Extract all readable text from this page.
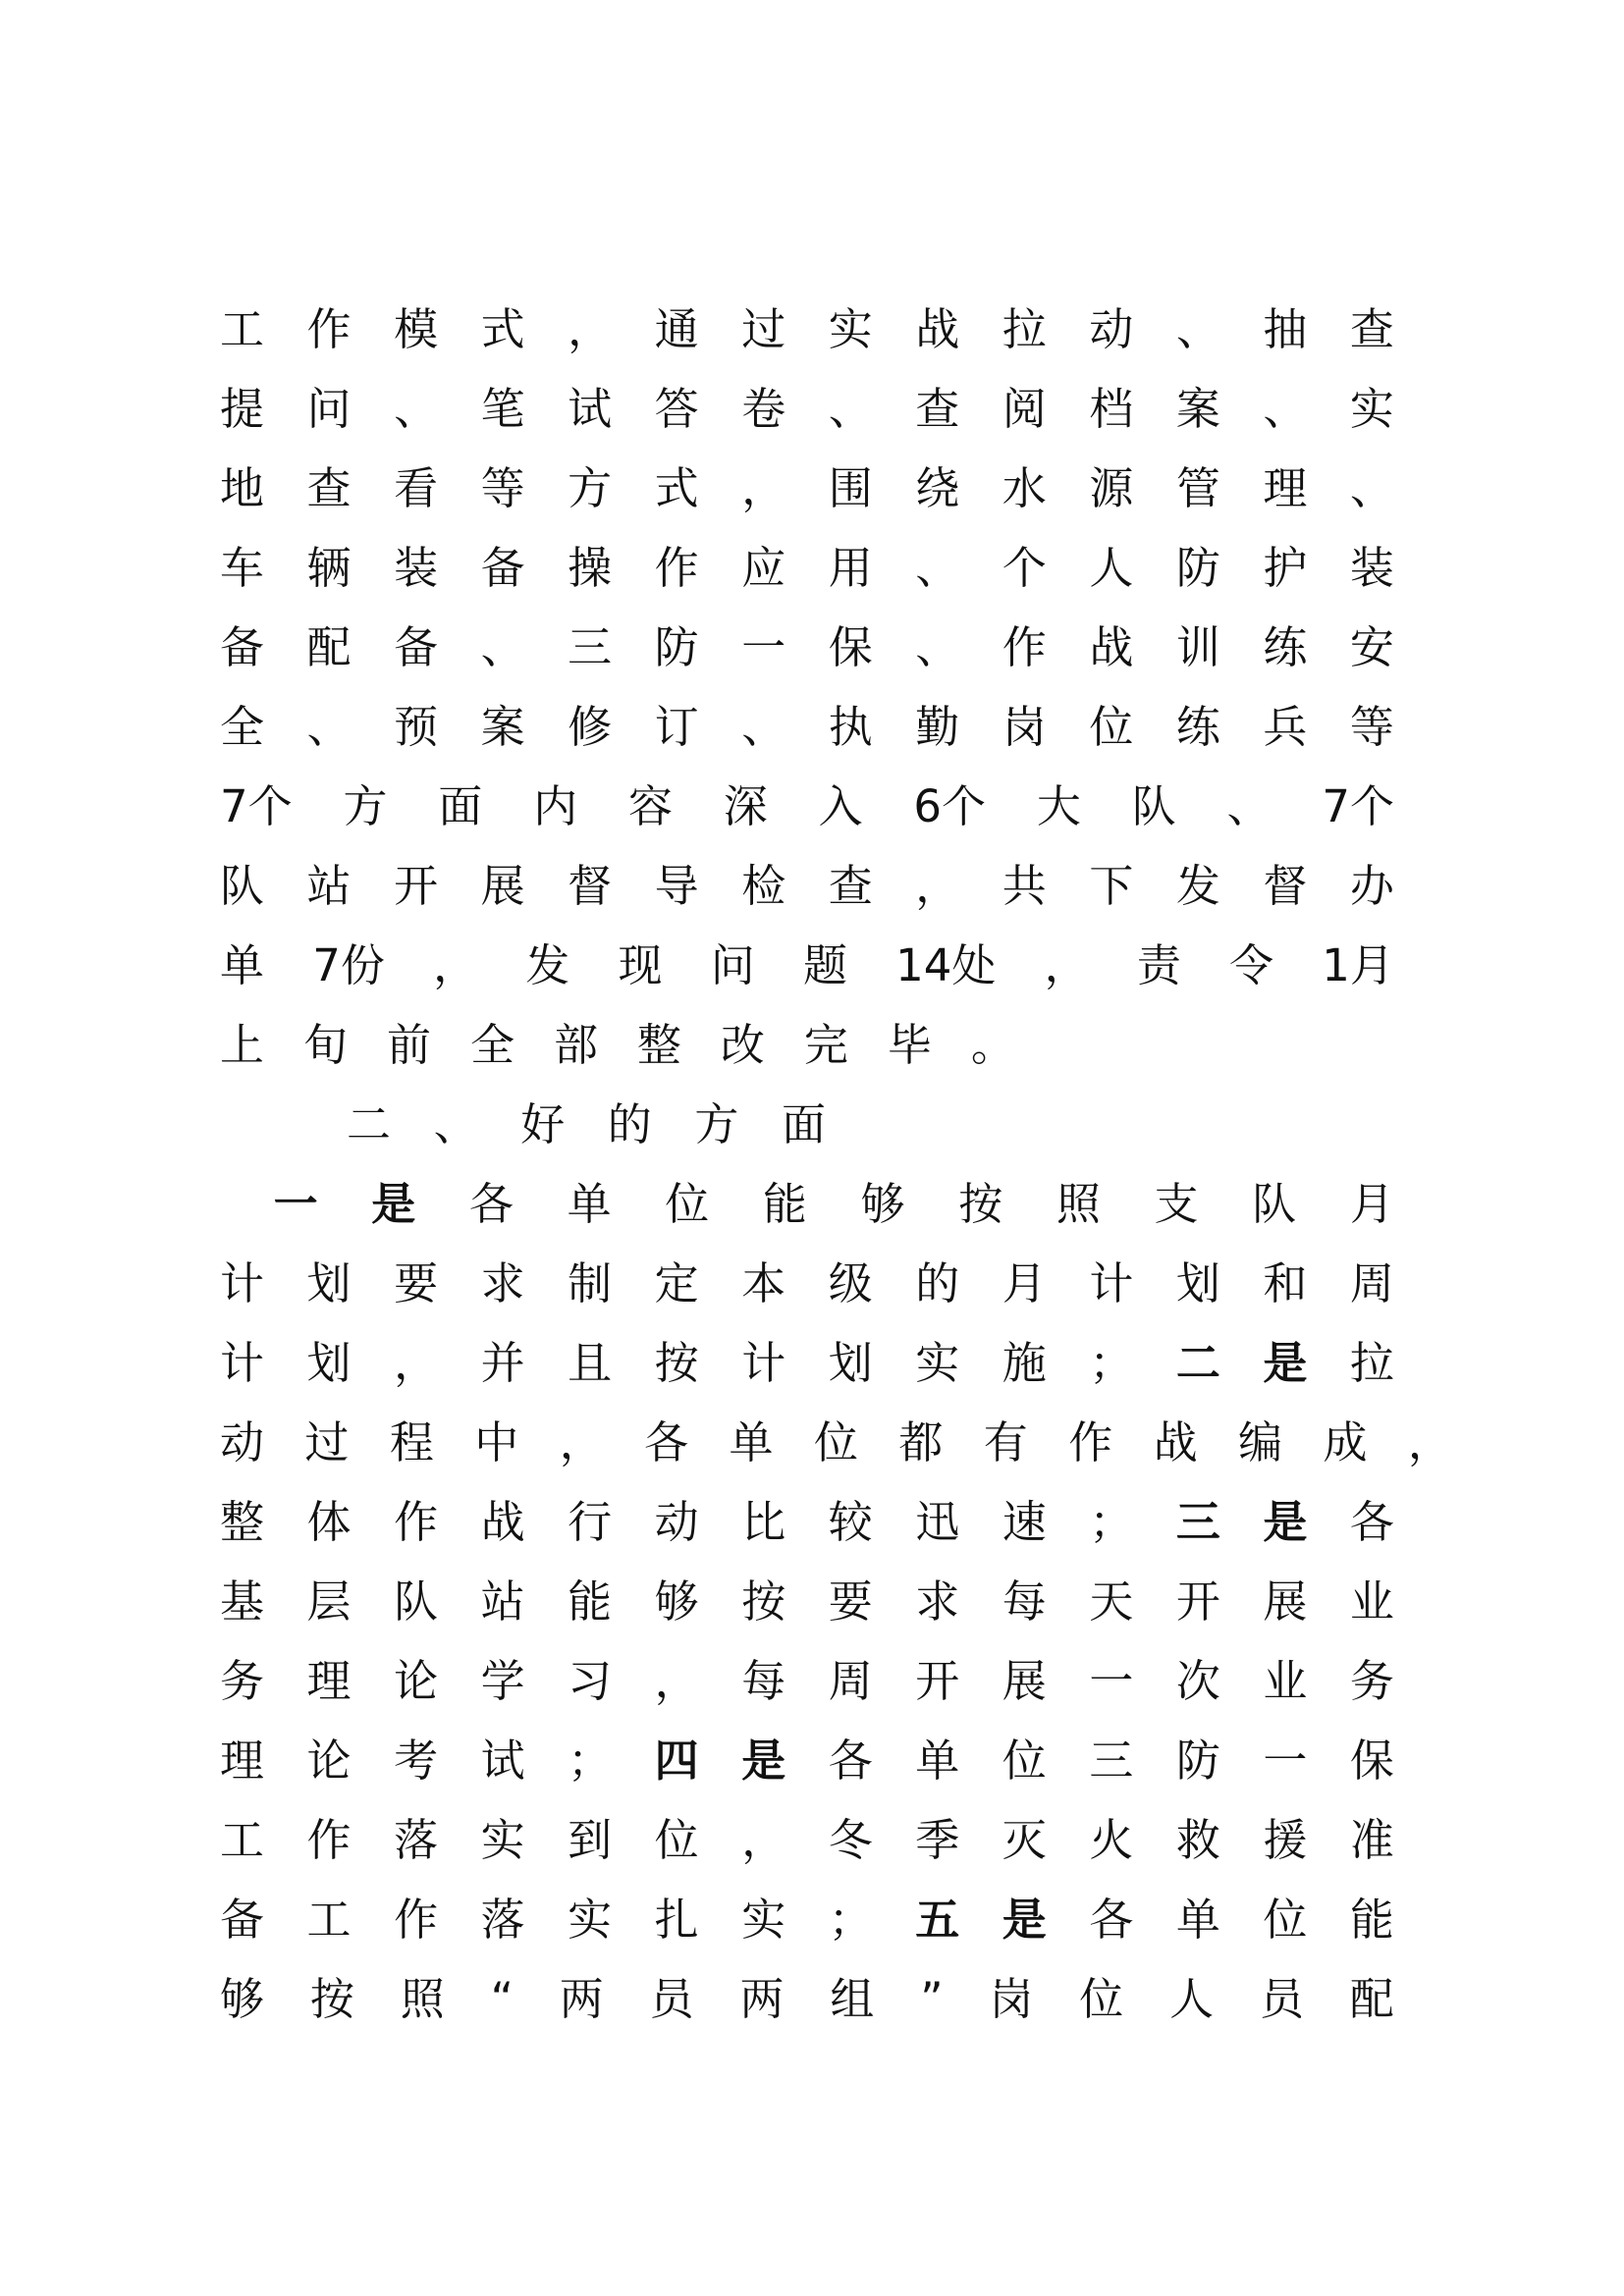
工 作 模 式 ， 通 过 实 战 拉 动 、 抽 查
提 问 、 笔 试 答 卷 、 查 阅 档 案 、 实
地 查 看 等 方 式 ， 围 绕 水 源 管 理 、
车 辆 装 备 操 作 应 用 、 个 人 防 护 装
备 配 备 、 三 防 一 保 、 作 战 训 练 安
全 、 预 案 修 订 、 执 勤 岗 位 练 兵 等
7个 方 面 内 容 深 入 6个 大 队 、 7个
队 站 开 展 督 导 检 查 ， 共 下 发 督 办
单 7份 ， 发 现 问 题 14处 ， 责 令 1月
上 旬 前 全 部 整 改 完 毕 。
二 、 好 的 方 面
一 是 各 单 位 能 够 按 照 支 队 月
计 划 要 求 制 定 本 级 的 月 计 划 和 周
计 划 ， 并 且 按 计 划 实 施 ； 二 是 拉
动 过 程 中 ， 各 单 位 都 有 作 战 编 成 ，
整 体 作 战 行 动 比 较 迅 速 ； 三 是 各
基 层 队 站 能 够 按 要 求 每 天 开 展 业
务 理 论 学 习 ， 每 周 开 展 一 次 业 务
理 论 考 试 ； 四 是 各 单 位 三 防 一 保
工 作 落 实 到 位 ， 冬 季 灭 火 救 援 准
备 工 作 落 实 扎 实 ； 五 是 各 单 位 能
够 按 照 “ 两 员 两 组 ” 岗 位 人 员 配
